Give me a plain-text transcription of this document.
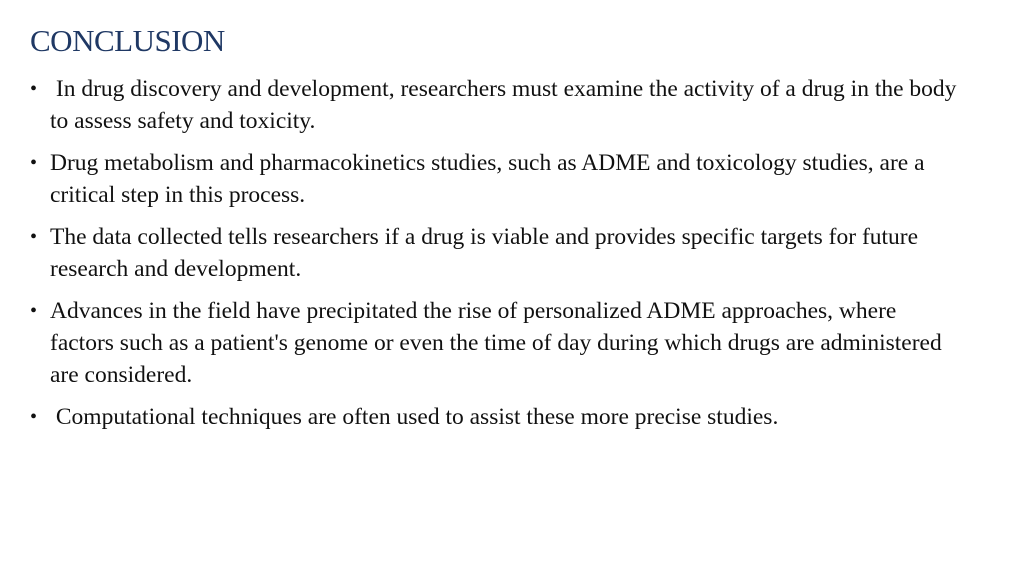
CONCLUSION
• In drug discovery and development, researchers must examine the activity of a drug in the body to assess safety and toxicity.
• Drug metabolism and pharmacokinetics studies, such as ADME and toxicology studies, are a critical step in this process.
• The data collected tells researchers if a drug is viable and provides specific targets for future research and development.
• Advances in the field have precipitated the rise of personalized ADME approaches, where factors such as a patient's genome or even the time of day during which drugs are administered are considered.
• Computational techniques are often used to assist these more precise studies.
